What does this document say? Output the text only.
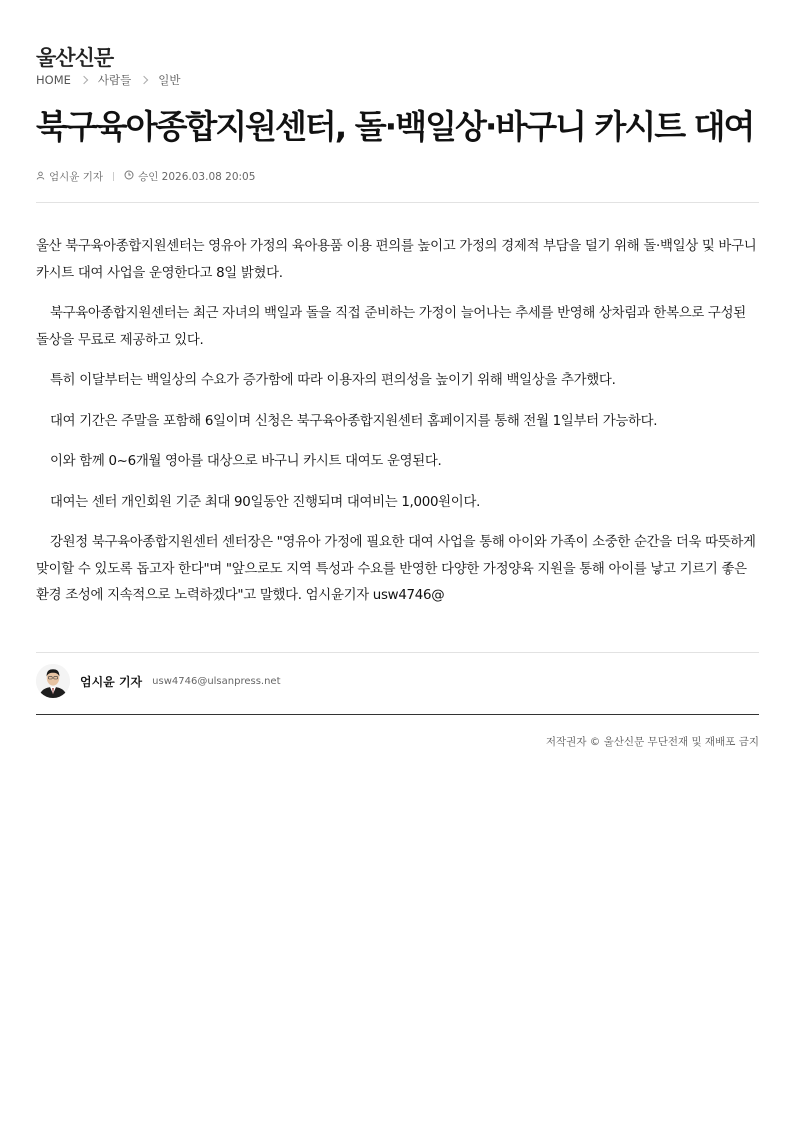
울산신문
HOME 사람들 일반
북구육아종합지원센터, 돌·백일상·바구니 카시트 대여
엄시윤 기자	승인 2026.03.08 20:05

울산 북구육아종합지원센터는 영유아 가정의 육아용품 이용 편의를 높이고 가정의 경제적 부담을 덜기 위해 돌·백일상 및 바구니 카시트 대여 사업을 운영한다고 8일 밝혔다.

북구육아종합지원센터는 최근 자녀의 백일과 돌을 직접 준비하는 가정이 늘어나는 추세를 반영해 상차림과 한복으로 구성된 돌상을 무료로 제공하고 있다.

특히 이달부터는 백일상의 수요가 증가함에 따라 이용자의 편의성을 높이기 위해 백일상을 추가했다.

대여 기간은 주말을 포함해 6일이며 신청은 북구육아종합지원센터 홈페이지를 통해 전월 1일부터 가능하다.

이와 함께 0~6개월 영아를 대상으로 바구니 카시트 대여도 운영된다.

대여는 센터 개인회원 기준 최대 90일동안 진행되며 대여비는 1,000원이다.

강원정 북구육아종합지원센터 센터장은 "영유아 가정에 필요한 대여 사업을 통해 아이와 가족이 소중한 순간을 더욱 따뜻하게 맞이할 수 있도록 돕고자 한다"며 "앞으로도 지역 특성과 수요를 반영한 다양한 가정양육 지원을 통해 아이를 낳고 기르기 좋은 환경 조성에 지속적으로 노력하겠다"고 말했다. 엄시윤기자 usw4746@

엄시윤 기자 usw4746@ulsanpress.net
저작권자 © 울산신문 무단전재 및 재배포 금지
